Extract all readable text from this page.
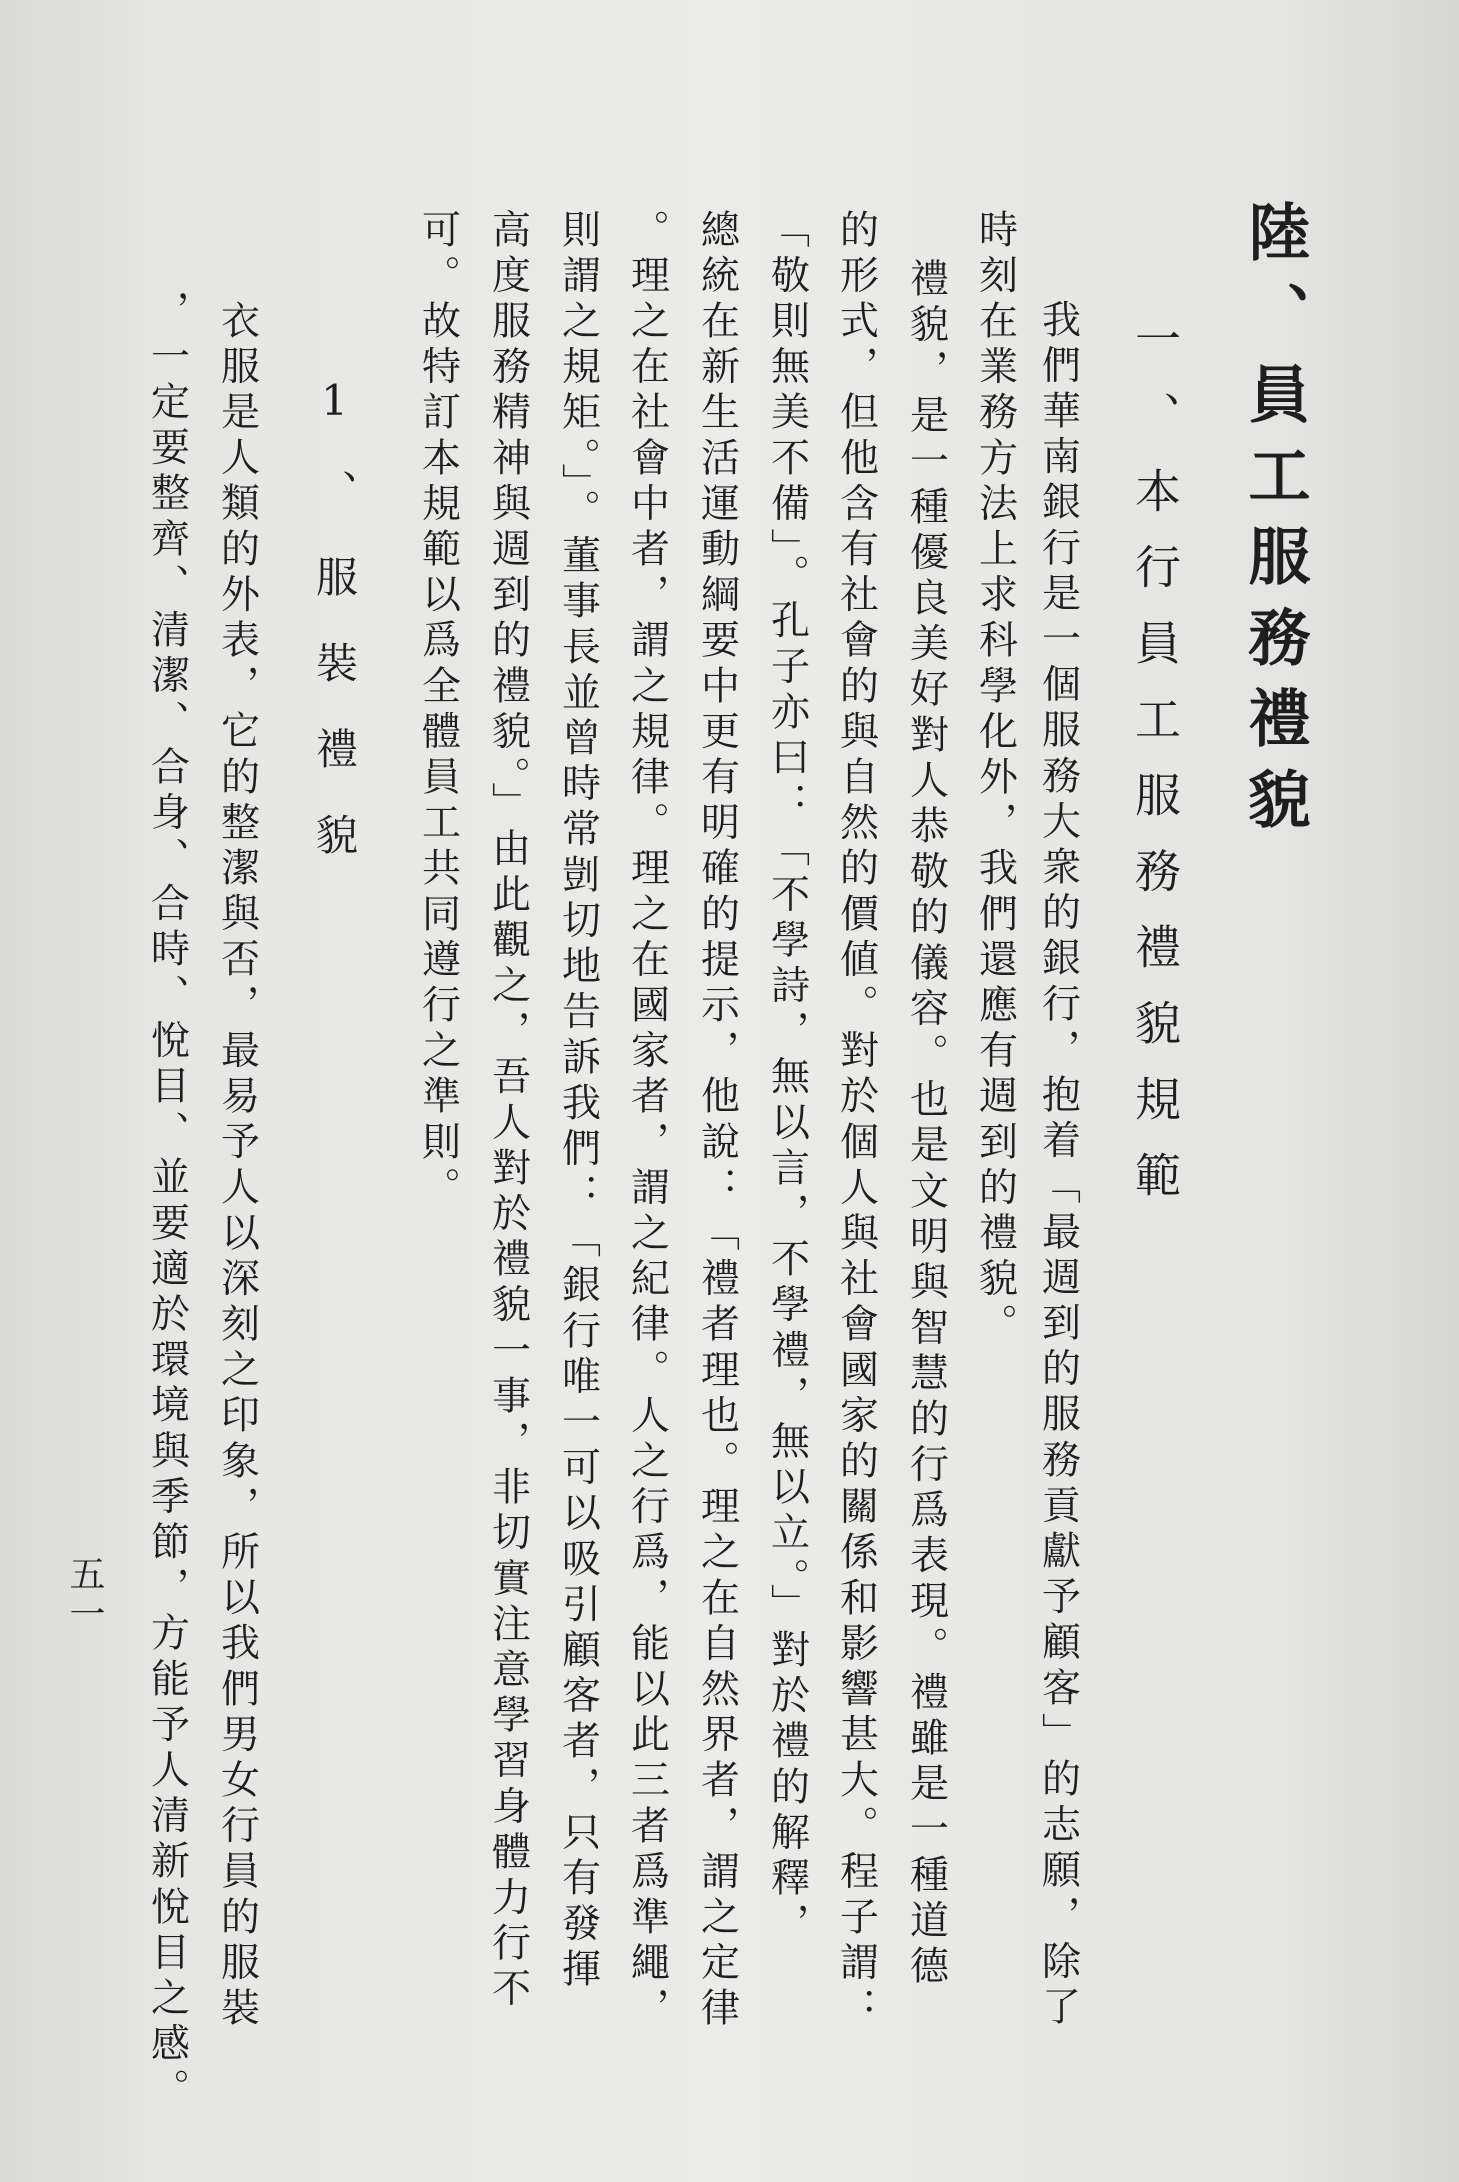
陸、員工服務禮貌
一、本行員工服務禮貌規範
我們華南銀行是一個服務大衆的銀行，抱着「最週到的服務貢獻予顧客」的志願，除了
時刻在業務方法上求科學化外，我們還應有週到的禮貌。
禮貌，是一種優良美好對人恭敬的儀容。也是文明與智慧的行爲表現。禮雖是一種道德
的形式，但他含有社會的與自然的價値。對於個人與社會國家的關係和影響甚大。程子謂：
「敬則無美不備」。孔子亦曰：「不學詩，無以言，不學禮，無以立。」對於禮的解釋，
總統在新生活運動綱要中更有明確的提示，他說：「禮者理也。理之在自然界者，謂之定律
。理之在社會中者，謂之規律。理之在國家者，謂之紀律。人之行爲，能以此三者爲準繩，
則謂之規矩。」。董事長並曾時常剴切地告訴我們：「銀行唯一可以吸引顧客者，只有發揮
高度服務精神與週到的禮貌。」由此觀之，吾人對於禮貌一事，非切實注意學習身體力行不
可。故特訂本規範以爲全體員工共同遵行之準則。
1、服裝禮貌
衣服是人類的外表，它的整潔與否，最易予人以深刻之印象，所以我們男女行員的服裝
，一定要整齊、清潔、合身、合時、悅目、並要適於環境與季節，方能予人清新悅目之感。
五一
